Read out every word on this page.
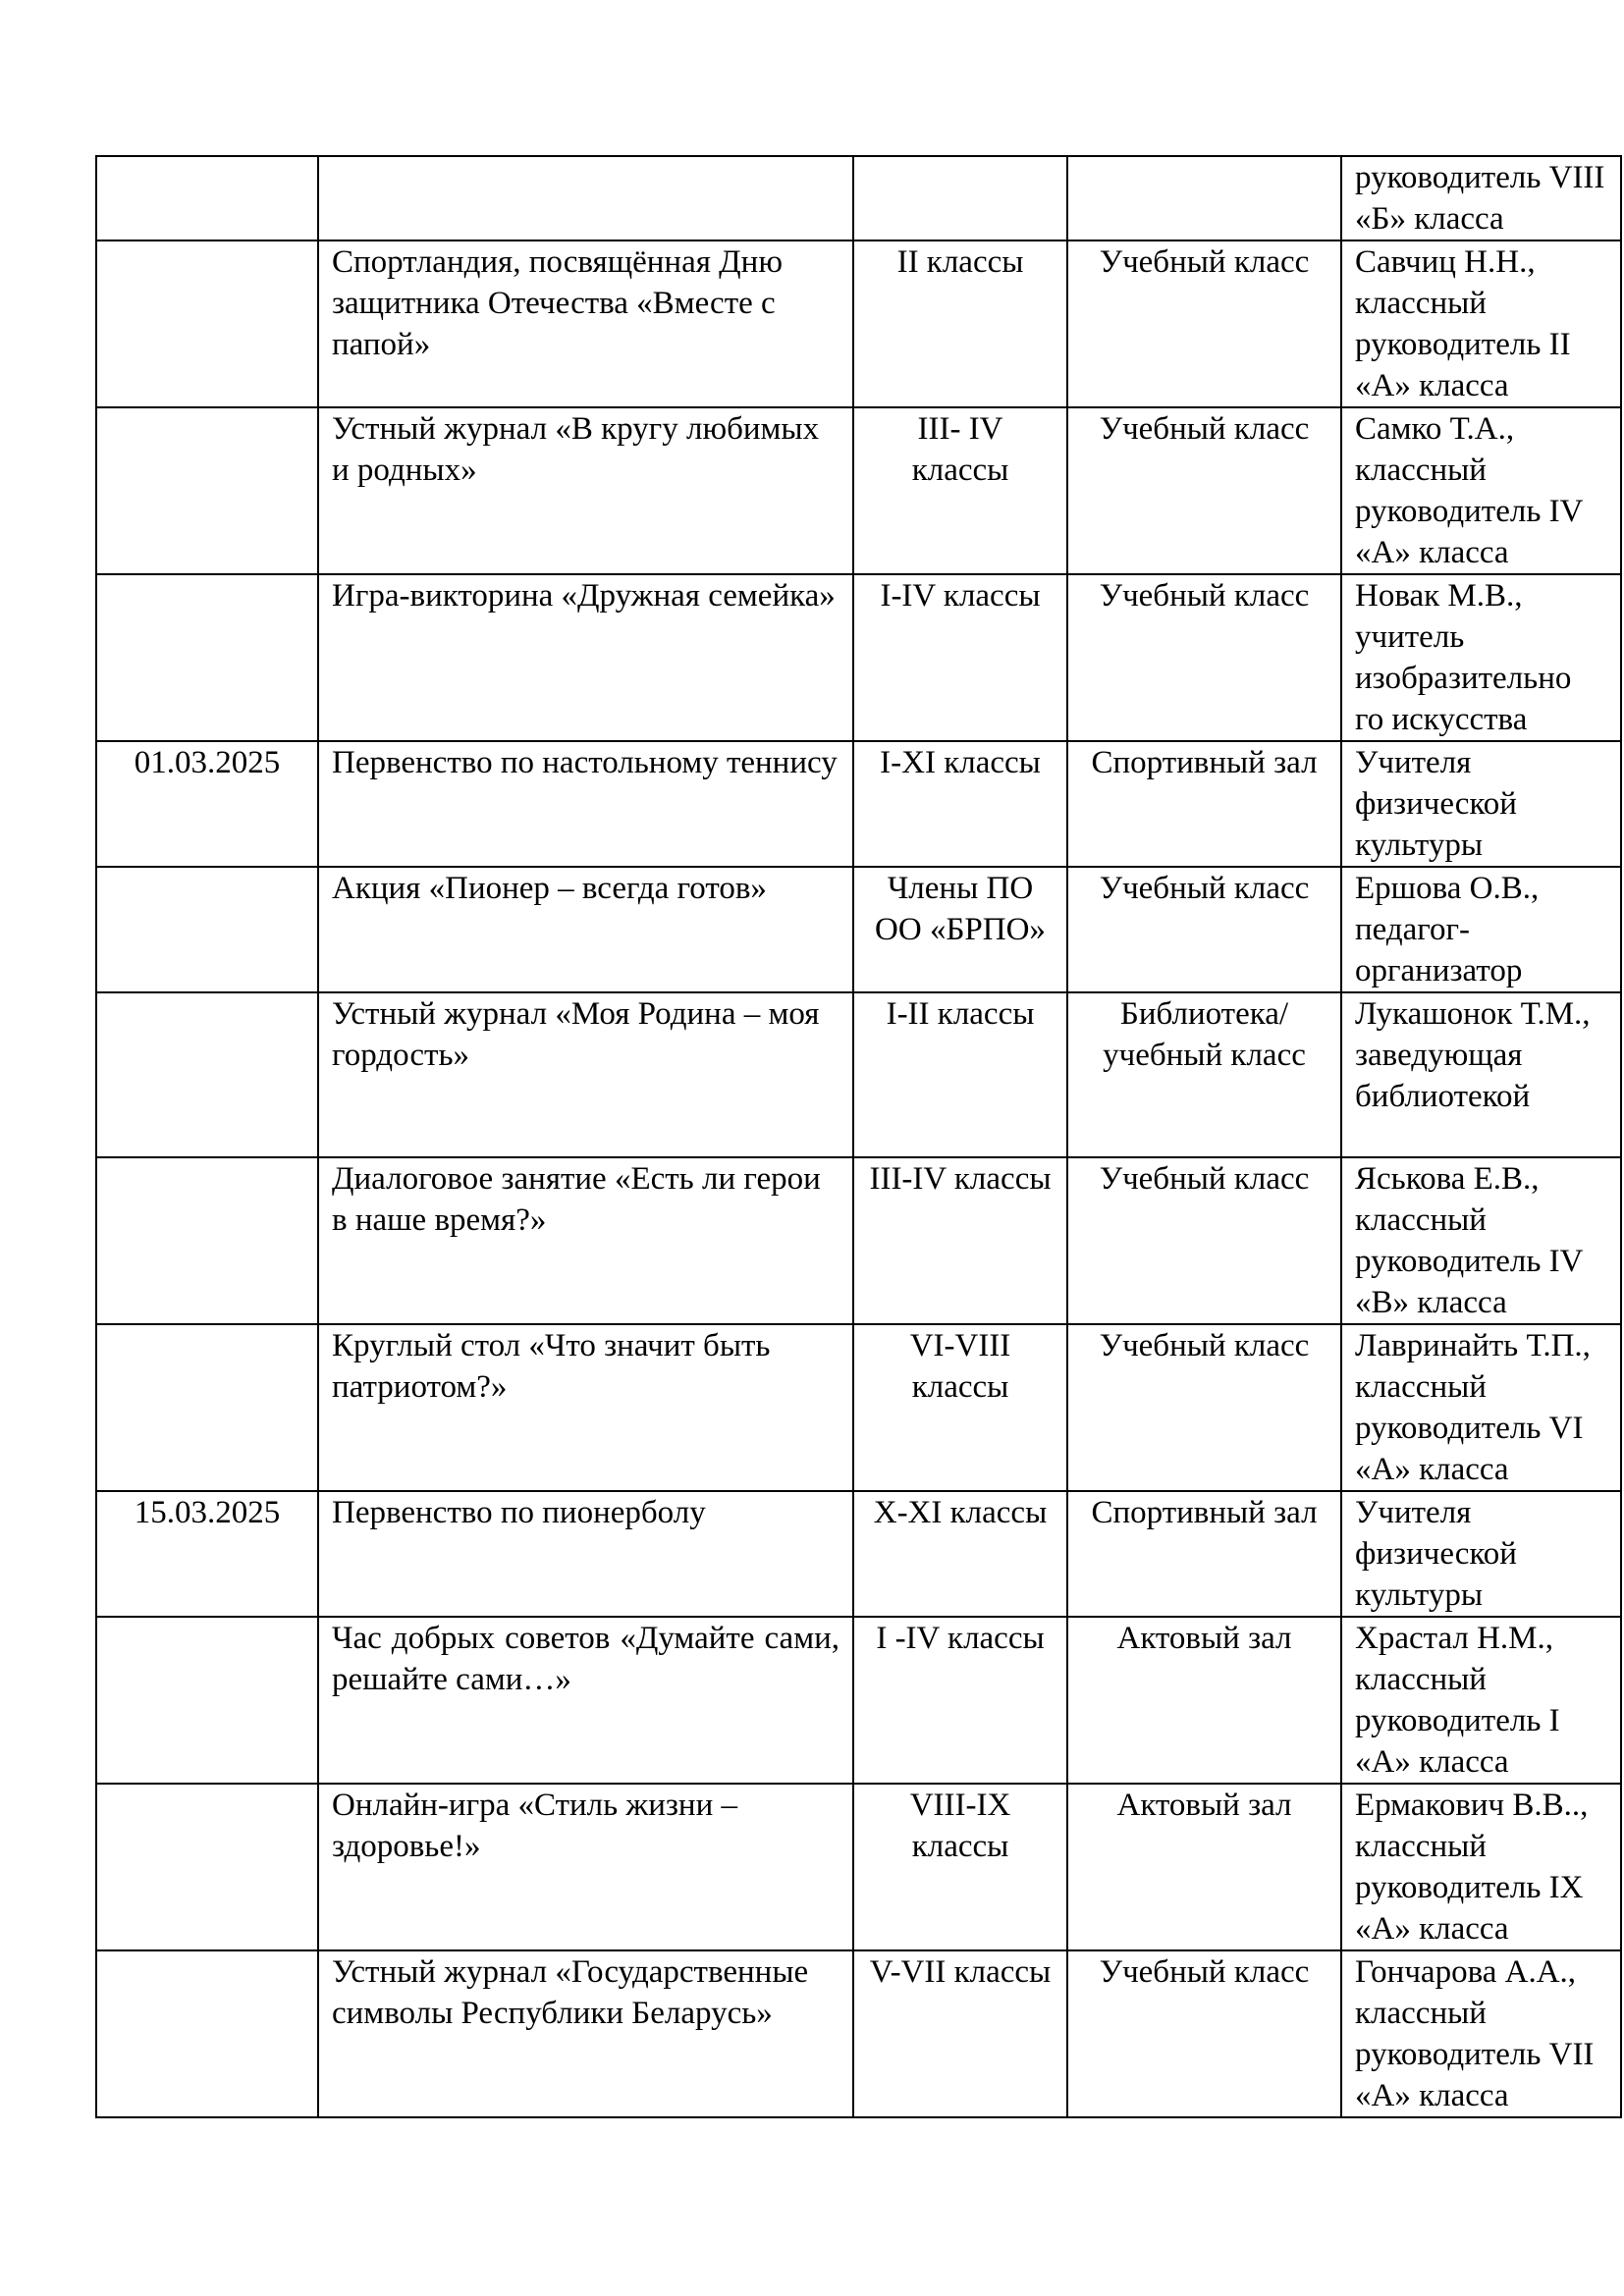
				руководитель VIII «Б» класса
	Спортландия, посвящённая Дню защитника Отечества «Вместе с папой»	II классы	Учебный класс	Савчиц Н.Н., классный руководитель II «А» класса
	Устный журнал «В кругу любимых и родных»	III- IV классы	Учебный класс	Самко Т.А., классный руководитель IV «А» класса
	Игра-викторина «Дружная семейка»	I-IV классы	Учебный класс	Новак М.В., учитель изобразительно го искусства
01.03.2025	Первенство по настольному теннису	I-XI классы	Спортивный зал	Учителя физической культуры
	Акция «Пионер – всегда готов»	Члены ПО ОО «БРПО»	Учебный класс	Ершова О.В., педагог-организатор
	Устный журнал «Моя Родина – моя гордость»	I-II классы	Библиотека/ учебный класс	Лукашонок Т.М., заведующая библиотекой
	Диалоговое занятие «Есть ли герои в наше время?»	III-IV классы	Учебный класс	Яськова Е.В., классный руководитель IV «В» класса
	Круглый стол «Что значит быть патриотом?»	VI-VIII классы	Учебный класс	Лавринайть Т.П., классный руководитель VI «А» класса
15.03.2025	Первенство по пионерболу	X-XI классы	Спортивный зал	Учителя физической культуры
	Час добрых советов «Думайте сами, решайте сами…»	I -IV классы	Актовый зал	Храстал Н.М., классный руководитель I «А» класса
	Онлайн-игра «Стиль жизни – здоровье!»	VIII-IX классы	Актовый зал	Ермакович В.В.., классный руководитель IX «А» класса
	Устный журнал «Государственные символы Республики Беларусь»	V-VII классы	Учебный класс	Гончарова А.А., классный руководитель VII «А» класса
